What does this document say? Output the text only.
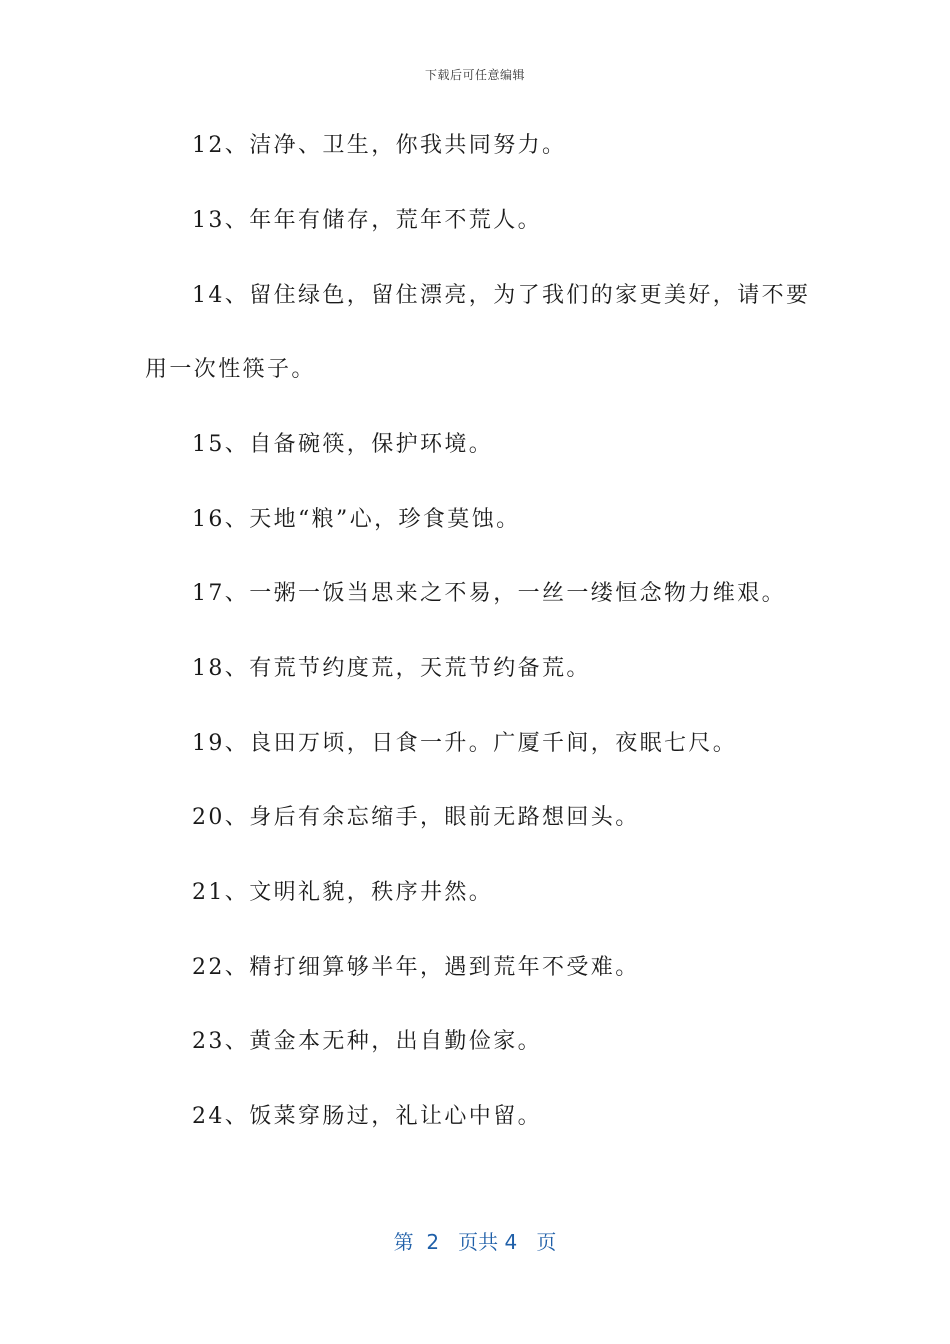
下载后可任意编辑
12、洁净、卫生，你我共同努力。
13、年年有储存，荒年不荒人。
14、留住绿色，留住漂亮，为了我们的家更美好，请不要
用一次性筷子。
15、自备碗筷，保护环境。
16、天地“粮”心，珍食莫蚀。
17、一粥一饭当思来之不易，一丝一缕恒念物力维艰。
18、有荒节约度荒，天荒节约备荒。
19、良田万顷，日食一升。广厦千间，夜眠七尺。
20、身后有余忘缩手，眼前无路想回头。
21、文明礼貌，秩序井然。
22、精打细算够半年，遇到荒年不受难。
23、黄金本无种，出自勤俭家。
24、饭菜穿肠过，礼让心中留。
第 2 页共 4 页
